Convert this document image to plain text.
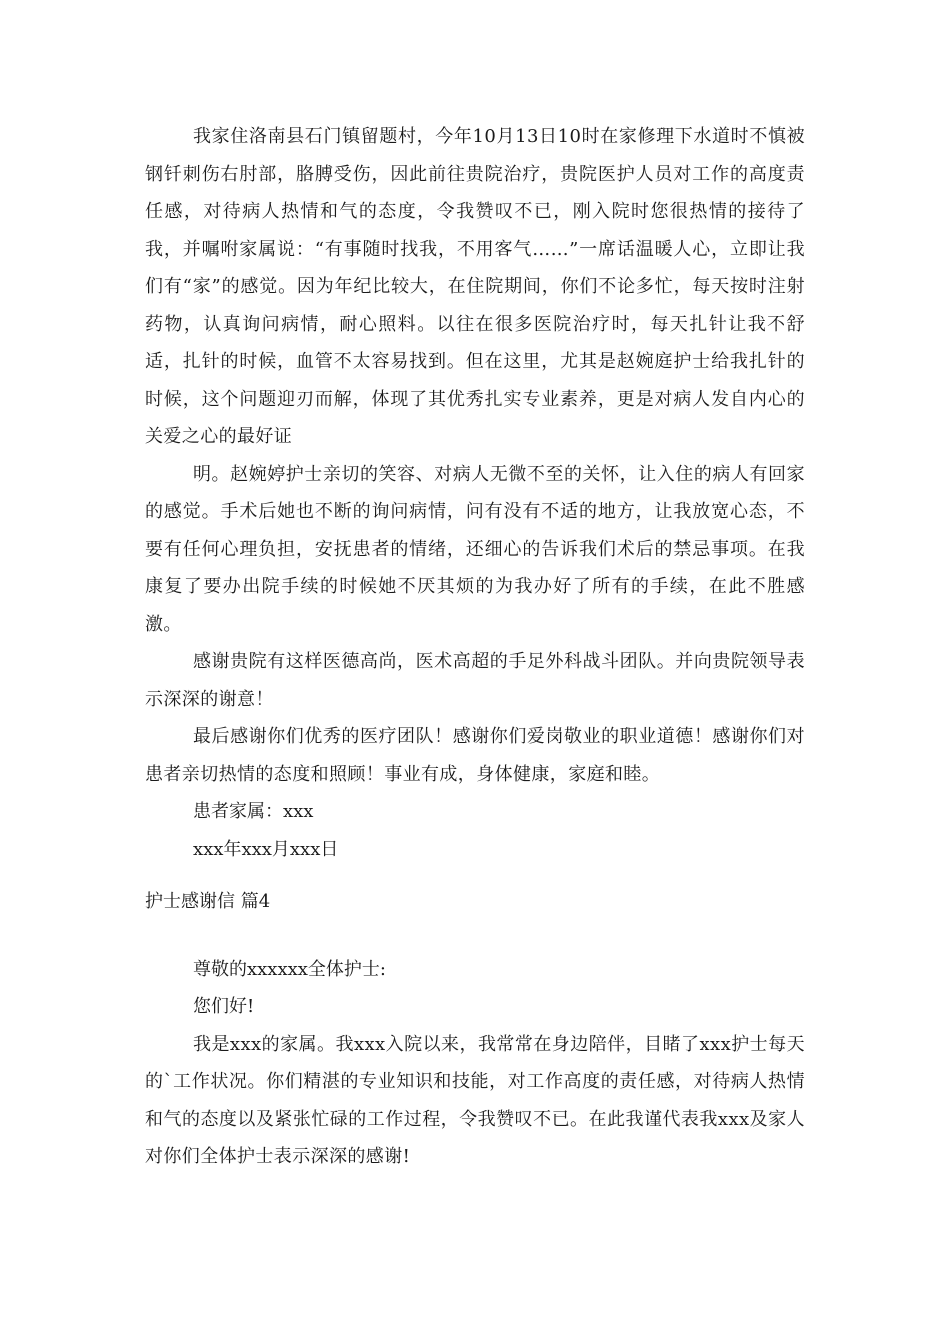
我家住洛南县石门镇留题村，今年10月13日10时在家修理下水道时不慎被钢钎刺伤右肘部，胳膊受伤，因此前往贵院治疗，贵院医护人员对工作的高度责任感，对待病人热情和气的态度，令我赞叹不已，刚入院时您很热情的接待了我，并嘱咐家属说：“有事随时找我，不用客气……”一席话温暖人心，立即让我们有“家”的感觉。因为年纪比较大，在住院期间，你们不论多忙，每天按时注射药物，认真询问病情，耐心照料。以往在很多医院治疗时，每天扎针让我不舒适，扎针的时候，血管不太容易找到。但在这里，尤其是赵婉庭护士给我扎针的时候，这个问题迎刃而解，体现了其优秀扎实专业素养，更是对病人发自内心的关爱之心的最好证

明。赵婉婷护士亲切的笑容、对病人无微不至的关怀，让入住的病人有回家的感觉。手术后她也不断的询问病情，问有没有不适的地方，让我放宽心态，不要有任何心理负担，安抚患者的情绪，还细心的告诉我们术后的禁忌事项。在我康复了要办出院手续的时候她不厌其烦的为我办好了所有的手续，在此不胜感激。

感谢贵院有这样医德高尚，医术高超的手足外科战斗团队。并向贵院领导表示深深的谢意！

最后感谢你们优秀的医疗团队！感谢你们爱岗敬业的职业道德！感谢你们对患者亲切热情的态度和照顾！事业有成，身体健康，家庭和睦。

患者家属：xxx

xxx年xxx月xxx日

护士感谢信 篇4

尊敬的xxxxxx全体护士:

您们好!

我是xxx的家属。我xxx入院以来，我常常在身边陪伴，目睹了xxx护士每天的`工作状况。你们精湛的专业知识和技能，对工作高度的责任感，对待病人热情和气的态度以及紧张忙碌的工作过程，令我赞叹不已。在此我谨代表我xxx及家人对你们全体护士表示深深的感谢!
